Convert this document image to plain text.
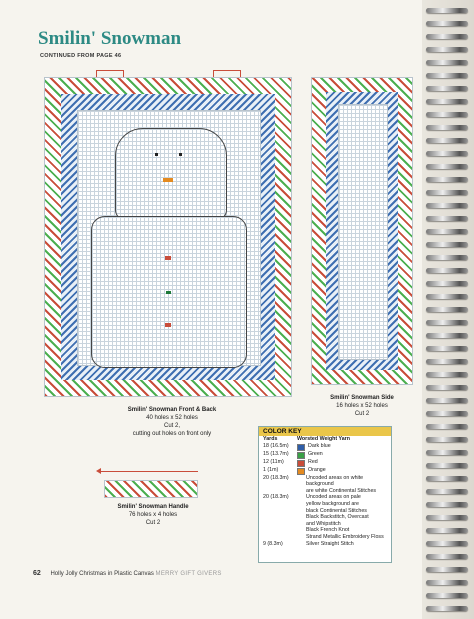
Smilin' Snowman
CONTINUED FROM PAGE 46
Smilin' Snowman Front & Back
40 holes x 52 holes
Cut 2,
cutting out holes on front only
Smilin' Snowman Side
16 holes x 52 holes
Cut 2
Smilin' Snowman Handle
76 holes x 4 holes
Cut 2
COLOR KEY
Yards	Worsted Weight Yarn
18 (16.5m)	Dark blue
15 (13.7m)	Green
12 (11m)	Red
1 (1m)	Orange
20 (18.3m)	Uncoded areas on white background
are white Continental Stitches
20 (18.3m)	Uncoded areas on pale
yellow background are
black Continental Stitches
Black Backstitch, Overcast
and Whipstitch
Black French Knot
Strand Metallic Embroidery Floss
9 (8.3m)	Silver Straight Stitch
62 Holly Jolly Christmas in Plastic Canvas MERRY GIFT GIVERS
